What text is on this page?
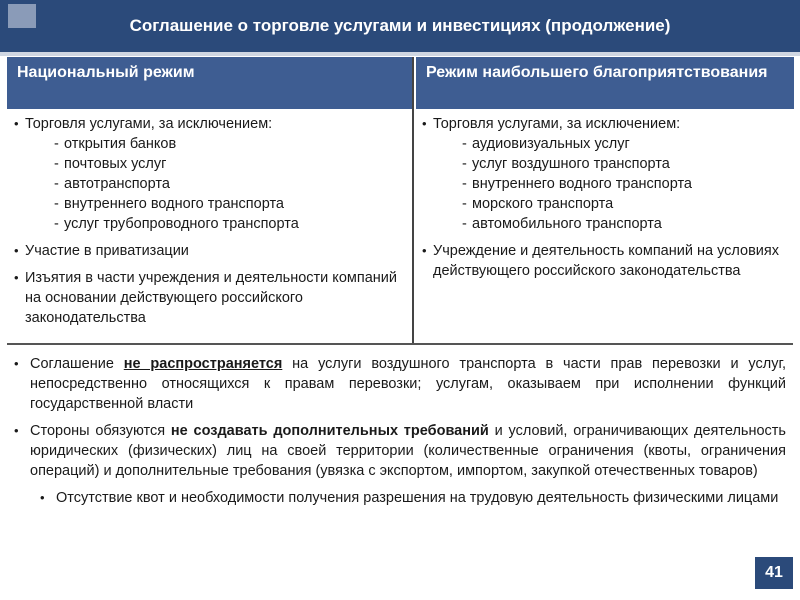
Соглашение о торговле услугами и инвестициях (продолжение)
Национальный режим	Режим наибольшего благоприятствования
• Торговля услугами, за исключением:
- открытия банков
- почтовых услуг
- автотранспорта
- внутреннего водного транспорта
- услуг трубопроводного транспорта
• Участие в приватизации
• Изъятия в части учреждения и деятельности компаний на основании действующего российского законодательства
• Торговля услугами, за исключением:
- аудиовизуальных услуг
- услуг воздушного транспорта
- внутреннего водного транспорта
- морского транспорта
- автомобильного транспорта
• Учреждение и деятельность компаний на условиях действующего российского законодательства
• Соглашение не распространяется на услуги воздушного транспорта в части прав перевозки и услуг, непосредственно относящихся к правам перевозки; услугам, оказываем при исполнении функций государственной власти
• Стороны обязуются не создавать дополнительных требований и условий, ограничивающих деятельность юридических (физических) лиц на своей территории (количественные ограничения (квоты, ограничения операций) и дополнительные требования (увязка с экспортом, импортом, закупкой отечественных товаров)
• Отсутствие квот и необходимости получения разрешения на трудовую деятельность физическими лицами
41
